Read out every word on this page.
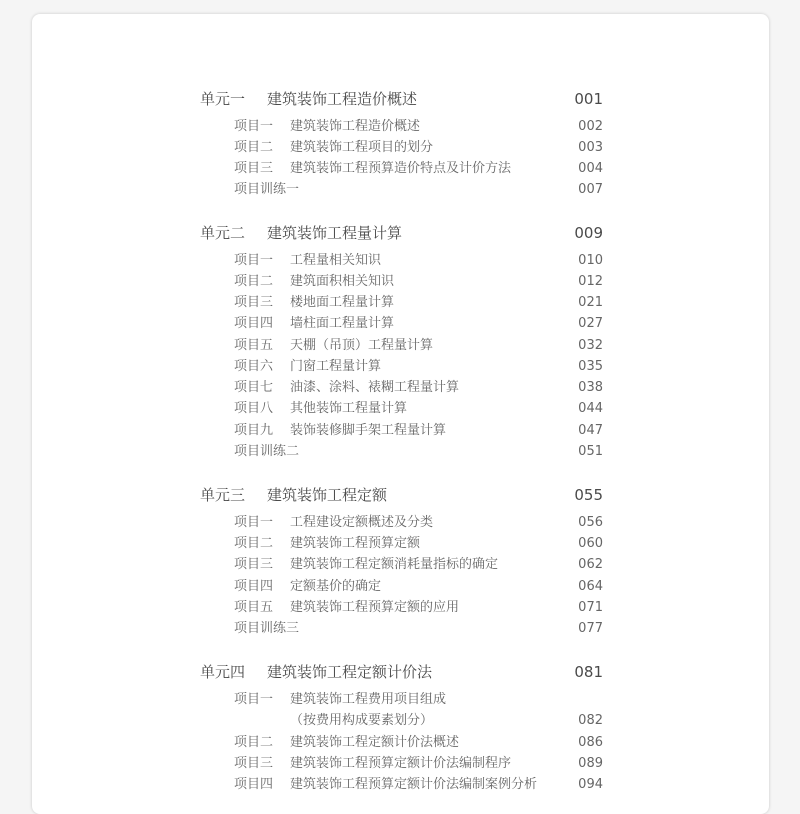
单元一 建筑装饰工程造价概述	001
项目一 建筑装饰工程造价概述	002
项目二 建筑装饰工程项目的划分	003
项目三 建筑装饰工程预算造价特点及计价方法	004
项目训练一	007
单元二 建筑装饰工程量计算	009
项目一 工程量相关知识	010
项目二 建筑面积相关知识	012
项目三 楼地面工程量计算	021
项目四 墙柱面工程量计算	027
项目五 天棚（吊顶）工程量计算	032
项目六 门窗工程量计算	035
项目七 油漆、涂料、裱糊工程量计算	038
项目八 其他装饰工程量计算	044
项目九 装饰装修脚手架工程量计算	047
项目训练二	051
单元三 建筑装饰工程定额	055
项目一 工程建设定额概述及分类	056
项目二 建筑装饰工程预算定额	060
项目三 建筑装饰工程定额消耗量指标的确定	062
项目四 定额基价的确定	064
项目五 建筑装饰工程预算定额的应用	071
项目训练三	077
单元四 建筑装饰工程定额计价法	081
项目一 建筑装饰工程费用项目组成
（按费用构成要素划分）	082
项目二 建筑装饰工程定额计价法概述	086
项目三 建筑装饰工程预算定额计价法编制程序	089
项目四 建筑装饰工程预算定额计价法编制案例分析	094
